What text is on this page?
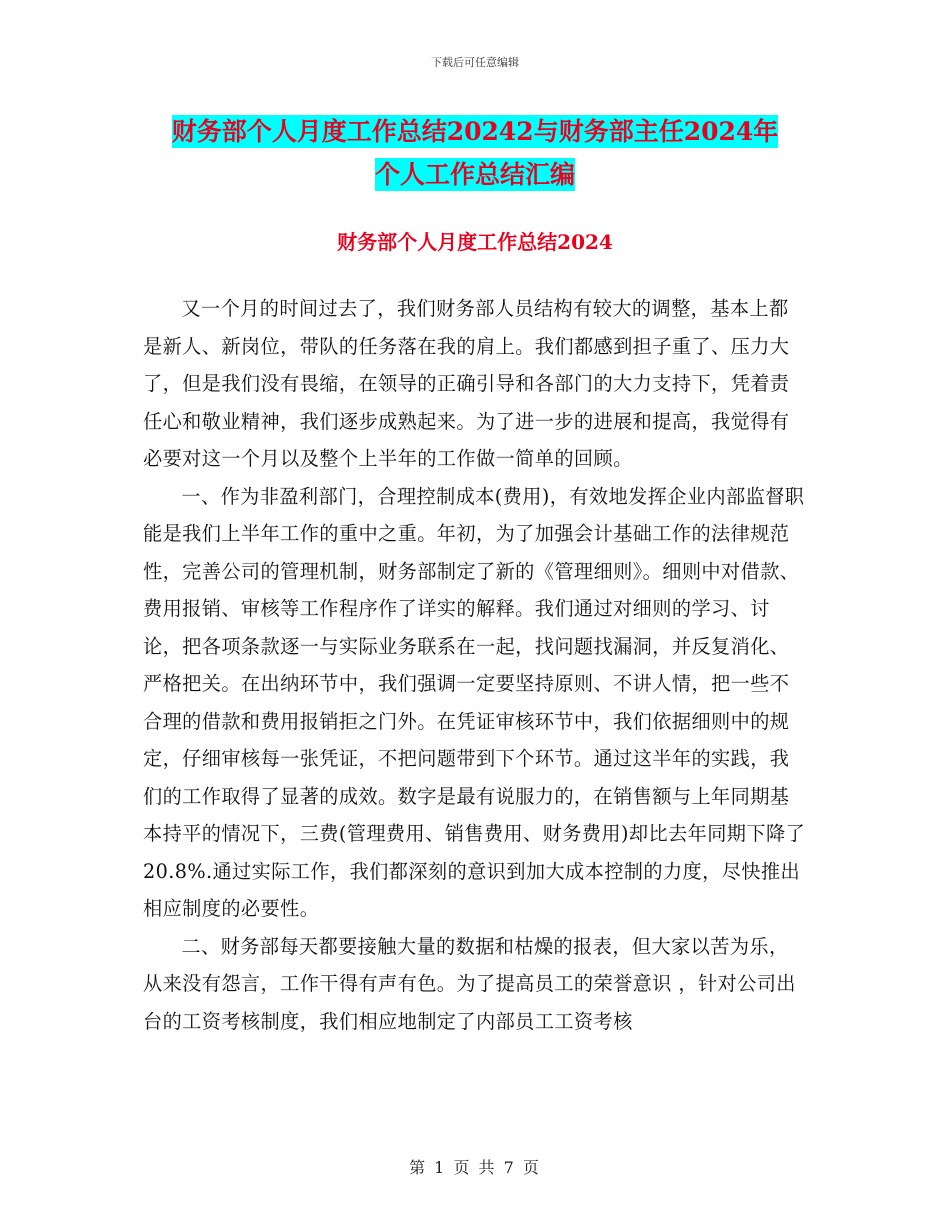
下载后可任意编辑
财务部个人月度工作总结20242与财务部主任2024年
个人工作总结汇编
财务部个人月度工作总结2024

又一个月的时间过去了，我们财务部人员结构有较大的调整，基本上都是新人、新岗位，带队的任务落在我的肩上。我们都感到担子重了、压力大了，但是我们没有畏缩，在领导的正确引导和各部门的大力支持下，凭着责任心和敬业精神，我们逐步成熟起来。为了进一步的进展和提高，我觉得有必要对这一个月以及整个上半年的工作做一简单的回顾。

一、作为非盈利部门，合理控制成本(费用)，有效地发挥企业内部监督职能是我们上半年工作的重中之重。年初，为了加强会计基础工作的法律规范性，完善公司的管理机制，财务部制定了新的《管理细则》。细则中对借款、费用报销、审核等工作程序作了详实的解释。我们通过对细则的学习、讨论，把各项条款逐一与实际业务联系在一起，找问题找漏洞，并反复消化、严格把关。在出纳环节中，我们强调一定要坚持原则、不讲人情，把一些不合理的借款和费用报销拒之门外。在凭证审核环节中，我们依据细则中的规定，仔细审核每一张凭证，不把问题带到下个环节。通过这半年的实践，我们的工作取得了显著的成效。数字是最有说服力的，在销售额与上年同期基本持平的情况下，三费(管理费用、销售费用、财务费用)却比去年同期下降了20.8%.通过实际工作，我们都深刻的意识到加大成本控制的力度，尽快推出相应制度的必要性。

二、财务部每天都要接触大量的数据和枯燥的报表，但大家以苦为乐，从来没有怨言，工作干得有声有色。为了提高员工的荣誉意识 ，针对公司出台的工资考核制度，我们相应地制定了内部员工工资考核

第 1 页 共 7 页
